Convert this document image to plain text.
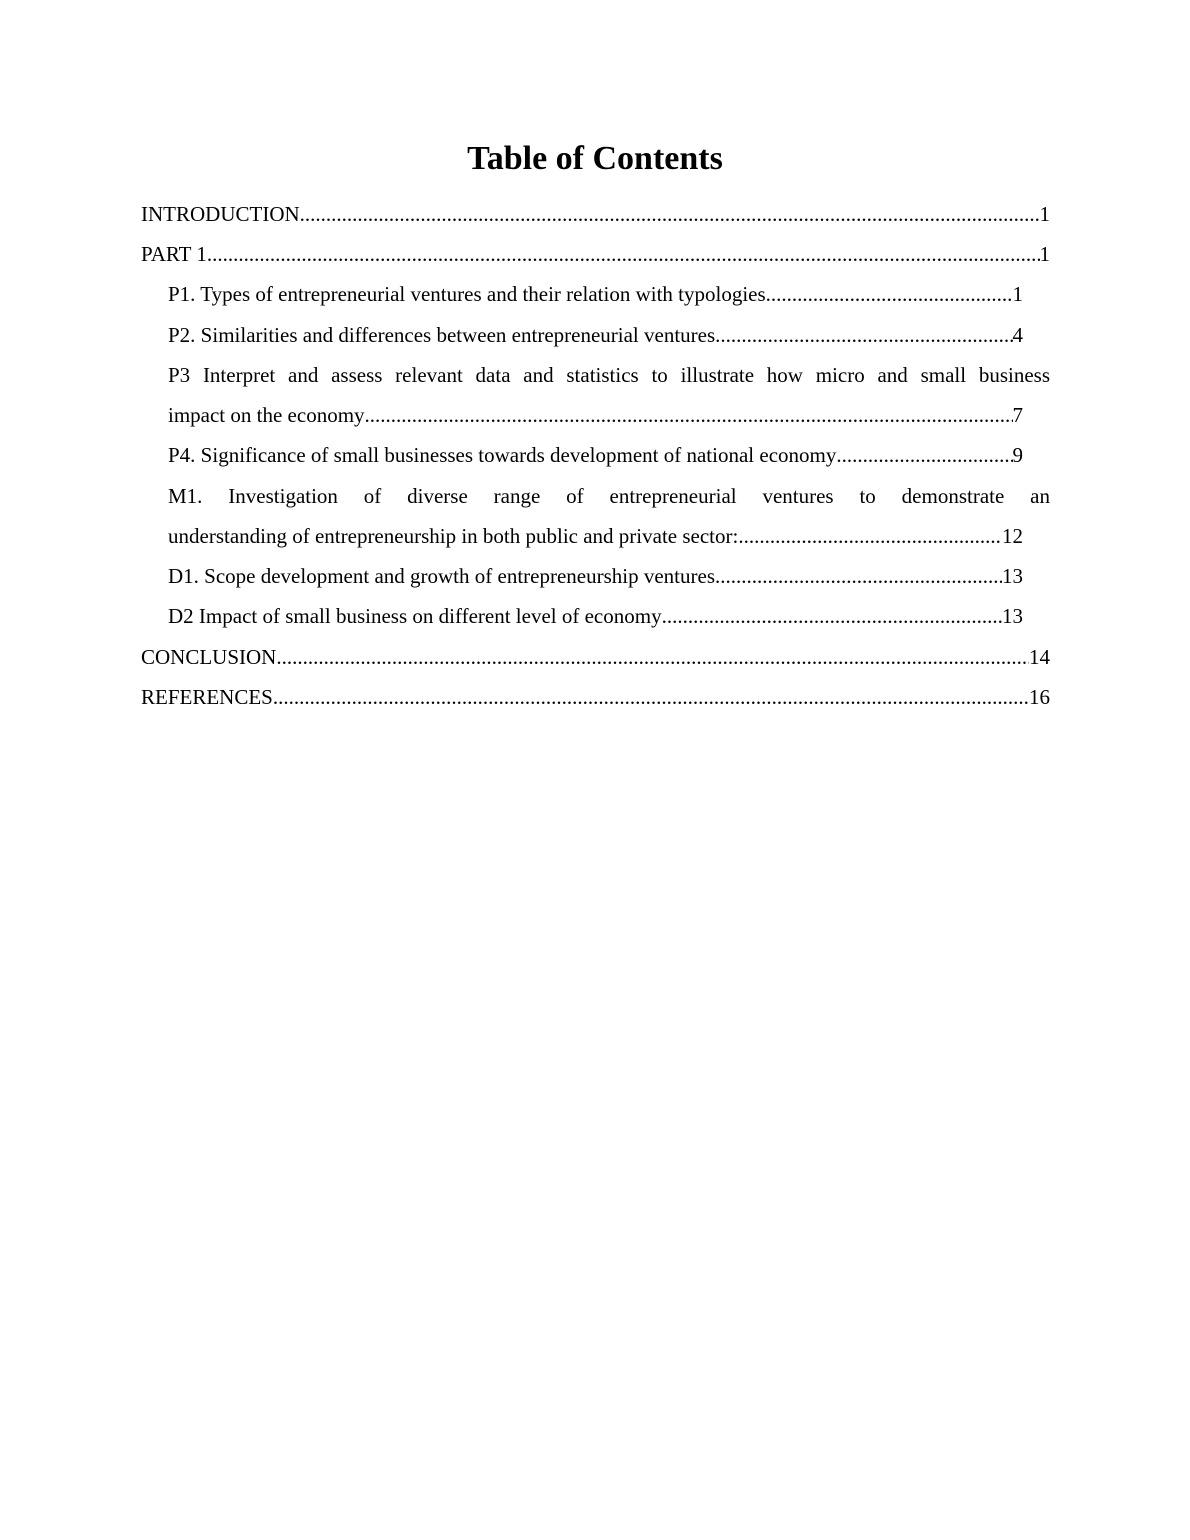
Table of Contents
INTRODUCTION .....	1
PART 1 .....	1
P1. Types of entrepreneurial ventures and their relation with typologies .....	1
P2. Similarities and differences between entrepreneurial ventures .....	4
P3 Interpret and assess relevant data and statistics to illustrate how micro and small business
impact on the economy .....	7
P4. Significance of small businesses towards development of national economy .....	9
M1. Investigation of diverse range of entrepreneurial ventures to demonstrate an
understanding of entrepreneurship in both public and private sector: .....	12
D1. Scope development and growth of entrepreneurship ventures .....	13
D2 Impact of small business on different level of economy .....	13
CONCLUSION .....	14
REFERENCES .....	16
